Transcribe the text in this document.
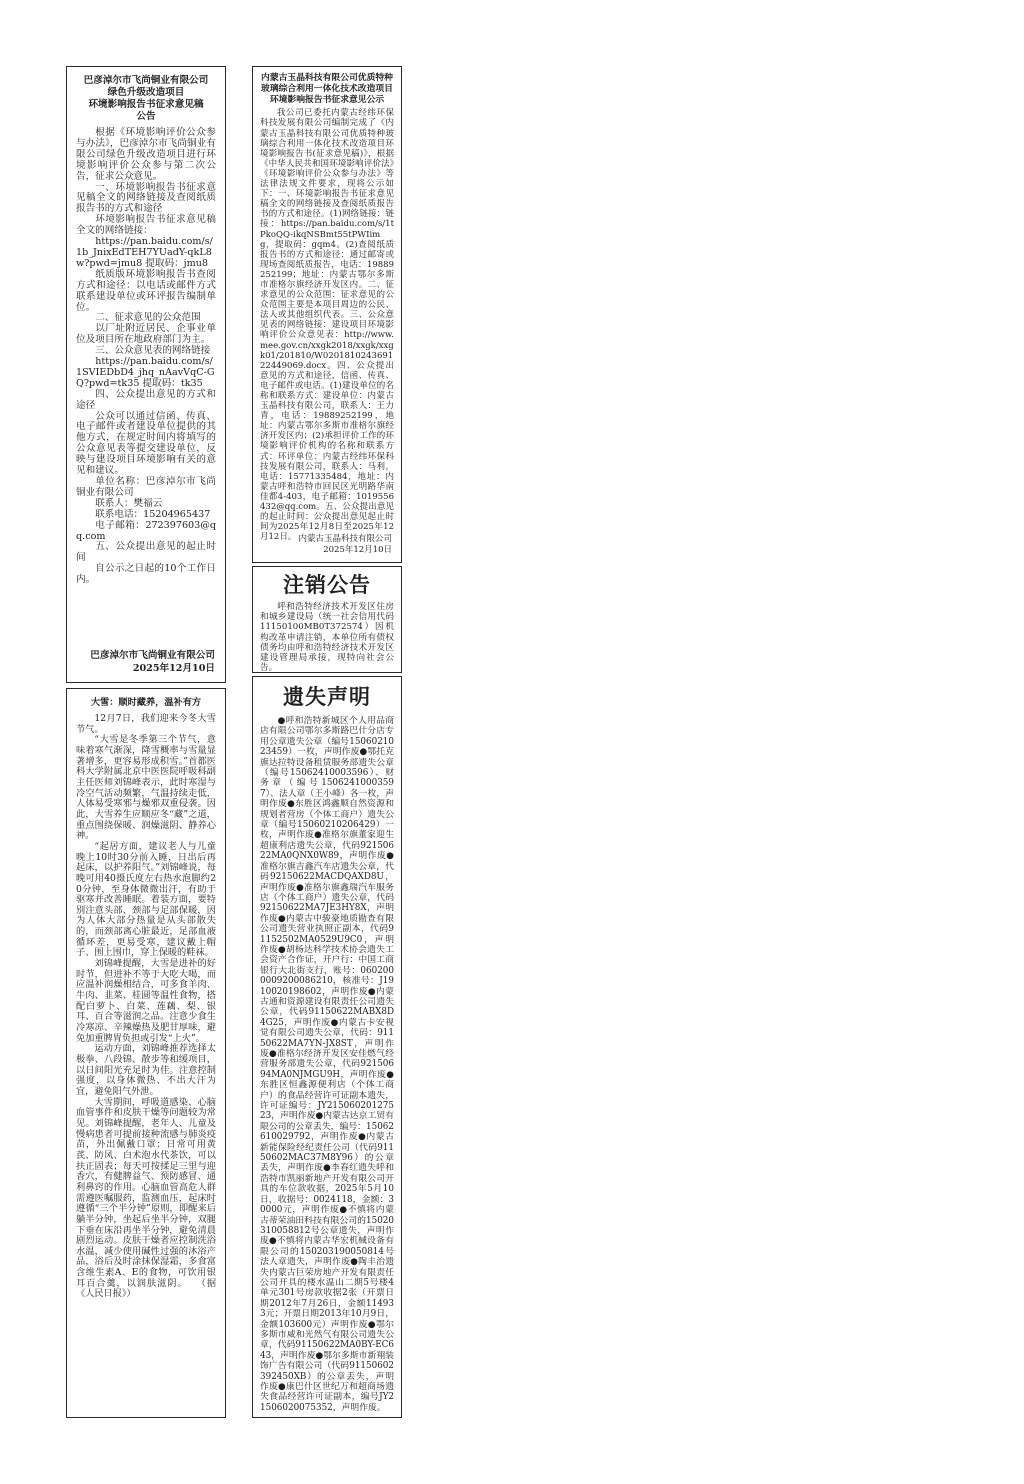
巴彦淖尔市飞尚铜业有限公司
绿色升级改造项目
环境影响报告书征求意见稿
公告

根据《环境影响评价公众参与办法》，巴彦淖尔市飞尚铜业有限公司绿色升级改造项目进行环境影响评价公众参与第二次公告，征求公众意见。

一、环境影响报告书征求意见稿全文的网络链接及查阅纸质报告书的方式和途径

环境影响报告书征求意见稿全文的网络链接：

https://pan.baidu.com/s/1b_JnixEdTEH7YUadY-qkL8w?pwd=jmu8 提取码：jmu8

纸质版环境影响报告书查阅方式和途径：以电话或邮件方式联系建设单位或环评报告编制单位。

二、征求意见的公众范围

以厂址附近居民、企事业单位及项目所在地政府部门为主。

三、公众意见表的网络链接

https://pan.baidu.com/s/1SVIEDbD4_jhq_nAavVqC-GQ?pwd=tk35 提取码：tk35

四、公众提出意见的方式和途径

公众可以通过信函、传真、电子邮件或者建设单位提供的其他方式，在规定时间内将填写的公众意见表等提交建设单位，反映与建设项目环境影响有关的意见和建议。

单位名称：巴彦淖尔市飞尚铜业有限公司

联系人：樊福云

联系电话：15204965437

电子邮箱：272397603@qq.com

五、公众提出意见的起止时间

自公示之日起的10个工作日内。

巴彦淖尔市飞尚铜业有限公司
2025年12月10日
大雪：顺时藏养，温补有方

12月7日，我们迎来今冬大雪节气。

“大雪是冬季第三个节气，意味着寒气渐深，降雪概率与雪量显著增多，更容易形成积雪。”首都医科大学附属北京中医医院呼吸科副主任医师刘锦峰表示，此时寒湿与冷空气活动频繁，气温持续走低，人体易受寒邪与燥邪双重侵袭。因此，大雪养生应顺应冬“藏”之道，重点围绕保暖、润燥滋阴、静养心神。

“起居方面，建议老人与儿童晚上10时30分前入睡，日出后再起床，以护养阳气。”刘锦峰说，每晚可用40摄氏度左右热水泡脚约20分钟，至身体微微出汗，有助于驱寒并改善睡眠。着装方面，要特别注意头部、颈部与足部保暖，因为人体大部分热量是从头部散失的，而颈部离心脏最近，足部血液循环差，更易受寒，建议戴上帽子、围上围巾，穿上保暖的鞋袜。

刘锦峰提醒，大雪是进补的好时节，但进补不等于大吃大喝，而应温补润燥相结合，可多食羊肉、牛肉、韭菜、桂圆等温性食物，搭配白萝卜、白菜、莲藕、梨、银耳、百合等滋润之品。注意少食生冷寒凉、辛辣燥热及肥甘厚味，避免加重脾胃负担或引发“上火”。

运动方面，刘锦峰推荐选择太极拳、八段锦、散步等和缓项目，以日间阳光充足时为佳。注意控制强度，以身体微热、不出大汗为宜，避免阳气外泄。

大雪期间，呼吸道感染、心脑血管事件和皮肤干燥等问题较为常见。刘锦峰提醒，老年人、儿童及慢病患者可提前接种流感与肺炎疫苗，外出佩戴口罩；日常可用黄芪、防风、白术泡水代茶饮，可以扶正固表；每天可按揉足三里与迎香穴，有健脾益气、预防感冒、通利鼻窍的作用。心脑血管高危人群需遵医嘱服药，监测血压，起床时遵循“三个半分钟”原则，即醒来后躺半分钟，坐起后坐半分钟，双腿下垂在床沿再坐半分钟，避免清晨剧烈运动。皮肤干燥者应控制洗浴水温，减少使用碱性过强的沐浴产品，浴后及时涂抹保湿霜，多食富含维生素A、E的食物，可饮用银耳百合羹，以润肤滋阴。 （据《人民日报》）

内蒙古玉晶科技有限公司优质特种玻璃综合利用一体化技术改造项目环境影响报告书征求意见公示

我公司已委托内蒙古经纬环保科技发展有限公司编制完成了《内蒙古玉晶科技有限公司优质特种玻璃综合利用一体化技术改造项目环境影响报告书(征求意见稿)》，根据《中华人民共和国环境影响评价法》《环境影响评价公众参与办法》等法律法规文件要求，现将公示如下：一、环境影响报告书征求意见稿全文的网络链接及查阅纸质报告书的方式和途径。(1)网络链接：链接：https://pan.baidu.com/s/1tPkoQQ-ikqNSBmt55tPWIimg，提取码：gqm4。(2)查阅纸质报告书的方式和途径：通过邮寄或现场查阅纸质报告，电话：19889252199；地址：内蒙古鄂尔多斯市准格尔旗经济开发区内。二、征求意见的公众范围：征求意见的公众范围主要是本项目周边的公民、法人或其他组织代表。三、公众意见表的网络链接：建设项目环境影响评价公众意见表：http://www.mee.gov.cn/xxgk2018/xxgk/xxgk01/201810/W020181024369122449069.docx。四、公众提出意见的方式和途径，信函、传真、电子邮件或电话。(1)建设单位的名称和联系方式：建设单位：内蒙古玉晶科技有限公司，联系人：王力青，电话：19889252199，地址：内蒙古鄂尔多斯市准格尔旗经济开发区内；(2)承担评价工作的环境影响评价机构的名称和联系方式：环评单位：内蒙古经纬环保科技发展有限公司，联系人：马利，电话：15771335484，地址：内蒙古呼和浩特市回民区光明路华南佳都4-403，电子邮箱：1019556432@qq.com。五、公众提出意见的起止时间：公众提出意见起止时间为2025年12月8日至2025年12月12日。 内蒙古玉晶科技有限公司
2025年12月10日
注销公告

呼和浩特经济技术开发区住房和城乡建设局（统一社会信用代码11150100MB0T372574）因机构改革申请注销，本单位所有债权债务均由呼和浩特经济技术开发区建设管理局承接，现特向社会公告。

遗失声明

●呼和浩特新城区个人用品商店有限公司鄂尔多斯路巴什分店专用公章遗失公章（编号1506021023459）一枚，声明作废●鄂托克旗达拉特设备租赁服务部遗失公章（编号15062410003596）、财务章（编号15062410003597）、法人章（王小峰）各一枚，声明作废●东胜区鸿鑫顺自然资源和规划者营房（个体工商户）遗失公章（编号15060210206429）一枚，声明作废●准格尔旗董家迎生超康利店遗失公章，代码92150622MA0QNX0W89，声明作废●准格尔旗吉鑫汽车店遗失公章，代码92150622MACDQAXD8U，声明作废●准格尔旗鑫瑞汽车服务店（个体工商户）遗失公章，代码92150622MA7JE3HY8X，声明作废●内蒙古中骏豪地质勘查有限公司遗失营业执照正副本，代码91152502MA0529U9C0，声明作废●胡杨达科学技术协会遗失工会资产合作证，开户行：中国工商银行大北街支行，账号：0602000009200086210，核准号：J1910020198602，声明作废●内蒙古通和资源建设有限责任公司遗失公章，代码91150622MABX8D4G25，声明作废●内蒙古卡安视觉有限公司遗失公章，代码：91150622MA7YN-JX8ST，声明作废●准格尔经济开发区安佳燃气经营服务部遗失公章，代码92150694MA0NJMGU9H，声明作废●东胜区恒鑫源便利店（个体工商户）的食品经营许可证副本遗失，许可证编号：JY21506020127523，声明作废●内蒙古达京工贸有限公司的公章丢失，编号：15062610029792，声明作废●内蒙古新能保险经纪责任公司（代码91150602MAC37M8Y96）的公章丢失，声明作废●李春红遗失呼和浩特市凯丽新地产开发有限公司开具的车位款收据，2025年5月10日，收据号：0024118，金额：30000元，声明作废●不慎将内蒙古蒂荣油田科技有限公司的15020310058812号公章遗失，声明作废●不慎将内蒙古华宏机械设备有限公司的150203190050814号法人章遗失，声明作废●陶丰治遗失内蒙古巨荣房地产开发有限责任公司开具的楼水温山二期5号楼4单元301号房款收据2张（开票日期2012年7月26日，金额114933元；开票日期2013年10月9日，金额103600元）声明作废●鄂尔多斯市威和光然气有限公司遗失公章，代码91150622MA0BY-EC643，声明作废●鄂尔多斯市新翔装饰广告有限公司（代码91150602392450XB）的公章丢失，声明作废●康巴什区世纪万和超商场遗失食品经营许可证副本，编号JY21506020075352，声明作废。
